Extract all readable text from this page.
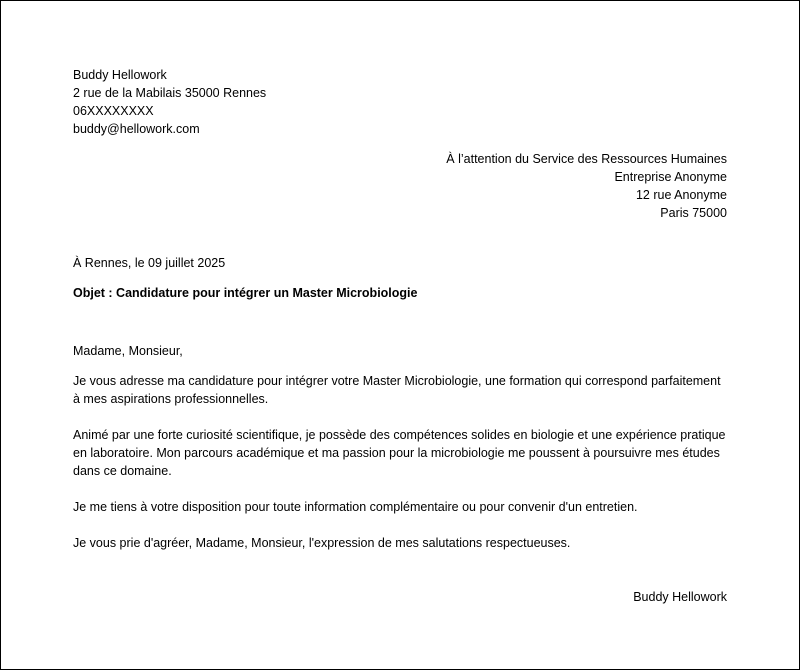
Buddy Hellowork
2 rue de la Mabilais 35000 Rennes
06XXXXXXXX
buddy@hellowork.com
À l’attention du Service des Ressources Humaines
Entreprise Anonyme
12 rue Anonyme
Paris 75000
À Rennes, le 09 juillet 2025
Objet : Candidature pour intégrer un Master Microbiologie

Madame, Monsieur,

Je vous adresse ma candidature pour intégrer votre Master Microbiologie, une formation qui correspond parfaitement à mes aspirations professionnelles.

Animé par une forte curiosité scientifique, je possède des compétences solides en biologie et une expérience pratique en laboratoire. Mon parcours académique et ma passion pour la microbiologie me poussent à poursuivre mes études dans ce domaine.

Je me tiens à votre disposition pour toute information complémentaire ou pour convenir d'un entretien.

Je vous prie d'agréer, Madame, Monsieur, l'expression de mes salutations respectueuses.

Buddy Hellowork
